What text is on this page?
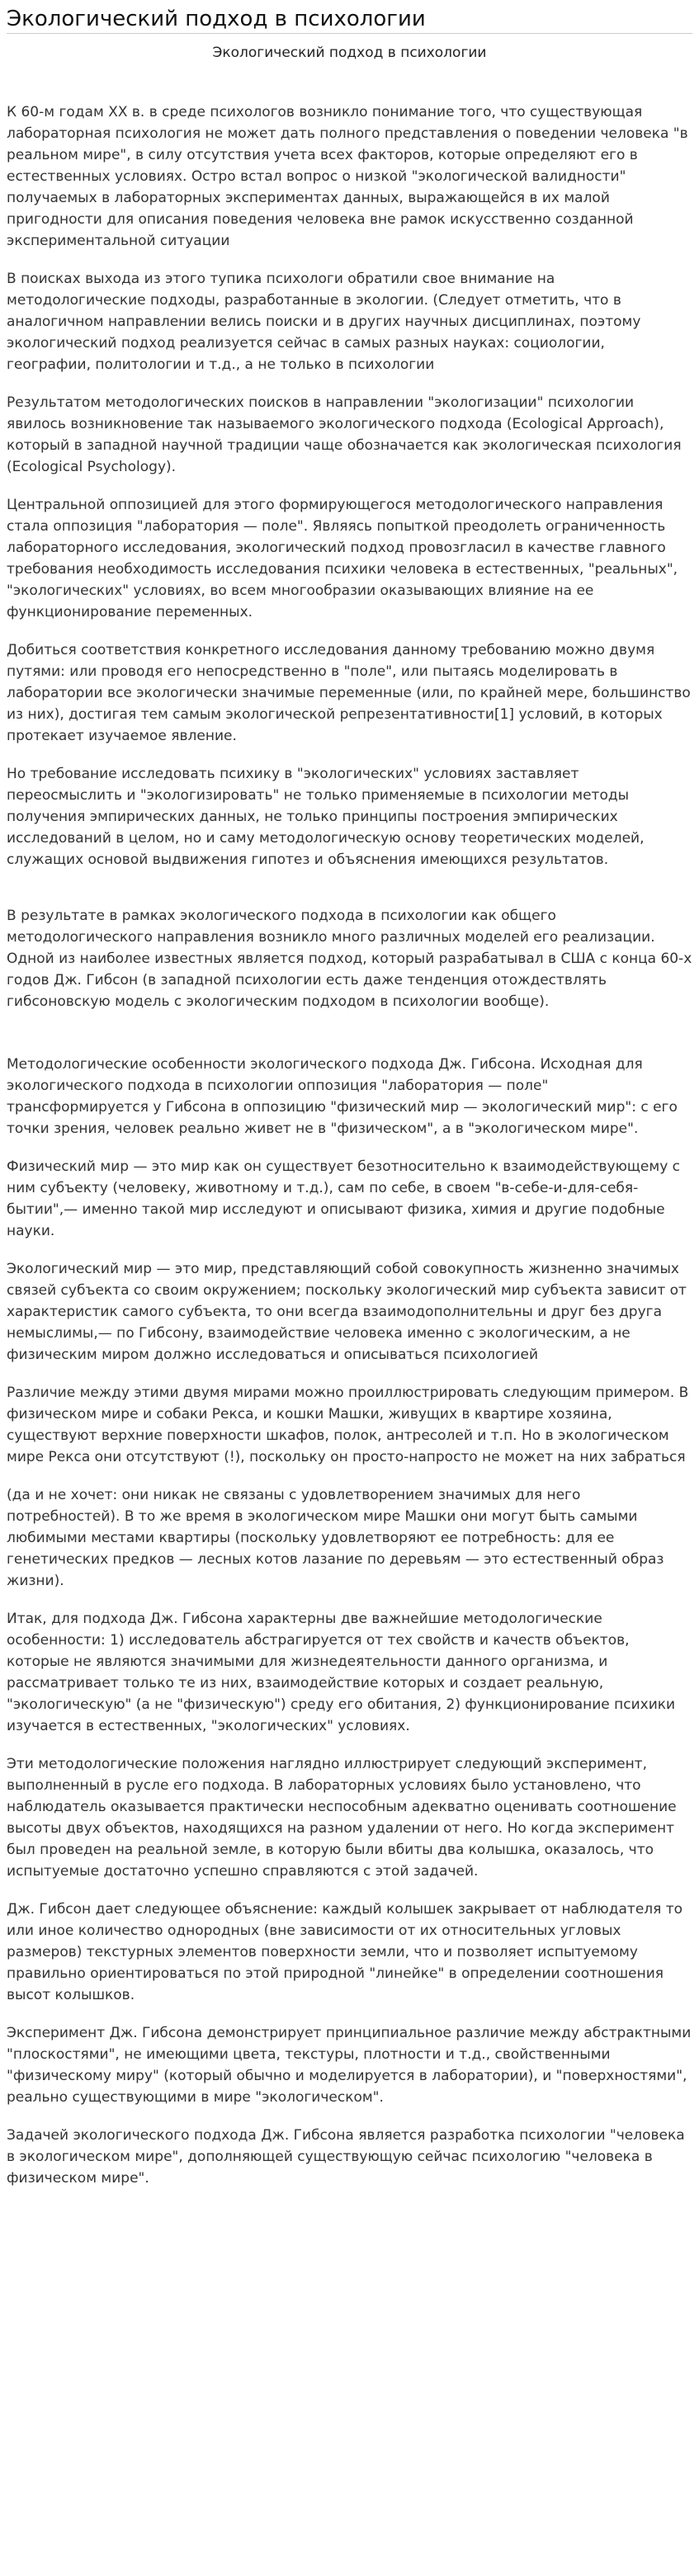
Экологический подход в психологии

Экологический подход в психологии

К 60-м годам XX в. в среде психологов возникло понимание того, что существующая лабораторная психология не может дать полного представления о поведении человека "в реальном мире", в силу отсутствия учета всех факторов, которые определяют его в естественных условиях. Остро встал вопрос о низкой "экологической валидности" получаемых в лабораторных экспериментах данных, выражающейся в их малой пригодности для описания поведения человека вне рамок искусственно созданной экспериментальной ситуации

В поисках выхода из этого тупика психологи обратили свое внимание на методологические подходы, разработанные в экологии. (Следует отметить, что в аналогичном направлении велись поиски и в других научных дисциплинах, поэтому экологический подход реализуется сейчас в самых разных науках: социологии, географии, политологии и т.д., а не только в психологии

Результатом методологических поисков в направлении "экологизации" психологии явилось возникновение так называемого экологического подхода (Ecological Approach), который в западной научной традиции чаще обозначается как экологическая психология (Ecological Psychology).

Центральной оппозицией для этого формирующегося методологического направления стала оппозиция "лаборатория — поле". Являясь попыткой преодолеть ограниченность лабораторного исследования, экологический подход провозгласил в качестве главного требования необходимость исследования психики человека в естественных, "реальных", "экологических" условиях, во всем многообразии оказывающих влияние на ее функционирование переменных.

Добиться соответствия конкретного исследования данному требованию можно двумя путями: или проводя его непосредственно в "поле", или пытаясь моделировать в лаборатории все экологически значимые переменные (или, по крайней мере, большинство из них), достигая тем самым экологической репрезентативности[1] условий, в которых протекает изучаемое явление.

Но требование исследовать психику в "экологических" условиях заставляет переосмыслить и "экологизировать" не только применяемые в психологии методы получения эмпирических данных, не только принципы построения эмпирических исследований в целом, но и саму методологическую основу теоретических моделей, служащих основой выдвижения гипотез и объяснения имеющихся результатов.

В результате в рамках экологического подхода в психологии как общего методологического направления возникло много различных моделей его реализации. Одной из наиболее известных является подход, который разрабатывал в США с конца 60-х годов Дж. Гибсон (в западной психологии есть даже тенденция отождествлять гибсоновскую модель с экологическим подходом в психологии вообще).

Методологические особенности экологического подхода Дж. Гибсона. Исходная для экологического подхода в психологии оппозиция "лаборатория — поле" трансформируется у Гибсона в оппозицию "физический мир — экологический мир": с его точки зрения, человек реально живет не в "физическом", а в "экологическом мире".

Физический мир — это мир как он существует безотносительно к взаимодействующему с ним субъекту (человеку, животному и т.д.), сам по себе, в своем "в-себе-и-для-себя-бытии",— именно такой мир исследуют и описывают физика, химия и другие подобные науки.

Экологический мир — это мир, представляющий собой совокупность жизненно значимых связей субъекта со своим окружением; поскольку экологический мир субъекта зависит от характеристик самого субъекта, то они всегда взаимодополнительны и друг без друга немыслимы,— по Гибсону, взаимодействие человека именно с экологическим, а не физическим миром должно исследоваться и описываться психологией

Различие между этими двумя мирами можно проиллюстрировать следующим примером. В физическом мире и собаки Рекса, и кошки Машки, живущих в квартире хозяина, существуют верхние поверхности шкафов, полок, антресолей и т.п. Но в экологическом мире Рекса они отсутствуют (!), поскольку он просто-напросто не может на них забраться

(да и не хочет: они никак не связаны с удовлетворением значимых для него потребностей). В то же время в экологическом мире Машки они могут быть самыми любимыми местами квартиры (поскольку удовлетворяют ее потребность: для ее генетических предков — лесных котов лазание по деревьям — это естественный образ жизни).

Итак, для подхода Дж. Гибсона характерны две важнейшие методологические особенности: 1) исследователь абстрагируется от тех свойств и качеств объектов, которые не являются значимыми для жизнедеятельности данного организма, и рассматривает только те из них, взаимодействие которых и создает реальную, "экологическую" (а не "физическую") среду его обитания, 2) функционирование психики изучается в естественных, "экологических" условиях.

Эти методологические положения наглядно иллюстрирует следующий эксперимент, выполненный в русле его подхода. В лабораторных условиях было установлено, что наблюдатель оказывается практически неспособным адекватно оценивать соотношение высоты двух объектов, находящихся на разном удалении от него. Но когда эксперимент был проведен на реальной земле, в которую были вбиты два колышка, оказалось, что испытуемые достаточно успешно справляются с этой задачей.

Дж. Гибсон дает следующее объяснение: каждый колышек закрывает от наблюдателя то или иное количество однородных (вне зависимости от их относительных угловых размеров) текстурных элементов поверхности земли, что и позволяет испытуемому правильно ориентироваться по этой природной "линейке" в определении соотношения высот колышков.

Эксперимент Дж. Гибсона демонстрирует принципиальное различие между абстрактными "плоскостями", не имеющими цвета, текстуры, плотности и т.д., свойственными "физическому миру" (который обычно и моделируется в лаборатории), и "поверхностями", реально существующими в мире "экологическом".

Задачей экологического подхода Дж. Гибсона является разработка психологии "человека в экологическом мире", дополняющей существующую сейчас психологию "человека в физическом мире".
